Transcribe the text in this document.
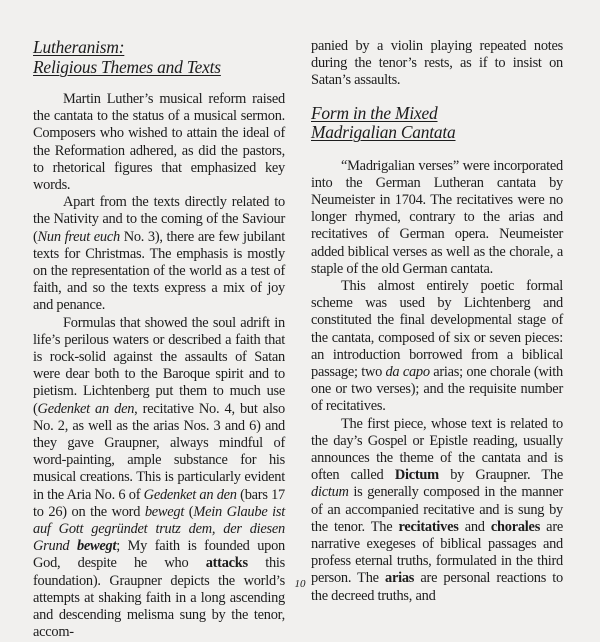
Lutheranism:
Religious Themes and Texts

Martin Luther’s musical reform raised the cantata to the status of a musical sermon. Composers who wished to attain the ideal of the Reformation adhered, as did the pastors, to rhetorical figures that emphasized key words.

Apart from the texts directly related to the Nativity and to the coming of the Saviour (Nun freut euch No. 3), there are few jubilant texts for Christmas. The emphasis is mostly on the representation of the world as a test of faith, and so the texts express a mix of joy and penance.

Formulas that showed the soul adrift in life’s perilous waters or described a faith that is rock-solid against the assaults of Satan were dear both to the Baroque spirit and to pietism. Lichtenberg put them to much use (Gedenket an den, recitative No. 4, but also No. 2, as well as the arias Nos. 3 and 6) and they gave Graupner, always mindful of word-painting, ample substance for his musical creations. This is particularly evident in the Aria No. 6 of Gedenket an den (bars 17 to 26) on the word bewegt (Mein Glaube ist auf Gott gegründet trutz dem, der diesen Grund bewegt; My faith is founded upon God, despite he who attacks this foundation). Graupner depicts the world’s attempts at shaking faith in a long ascending and descending melisma sung by the tenor, accom-

panied by a violin playing repeated notes during the tenor’s rests, as if to insist on Satan’s assaults.

Form in the Mixed
Madrigalian Cantata

“Madrigalian verses” were incorporated into the German Lutheran cantata by Neumeister in 1704. The recitatives were no longer rhymed, contrary to the arias and recitatives of German opera. Neumeister added biblical verses as well as the chorale, a staple of the old German cantata.

This almost entirely poetic formal scheme was used by Lichtenberg and constituted the final developmental stage of the cantata, composed of six or seven pieces: an introduction borrowed from a biblical passage; two da capo arias; one chorale (with one or two verses); and the requisite number of recitatives.

The first piece, whose text is related to the day’s Gospel or Epistle reading, usually announces the theme of the cantata and is often called Dictum by Graupner. The dictum is generally composed in the manner of an accompanied recitative and is sung by the tenor. The recitatives and chorales are narrative exegeses of biblical passages and profess eternal truths, formulated in the third person. The arias are personal reactions to the decreed truths, and

10
